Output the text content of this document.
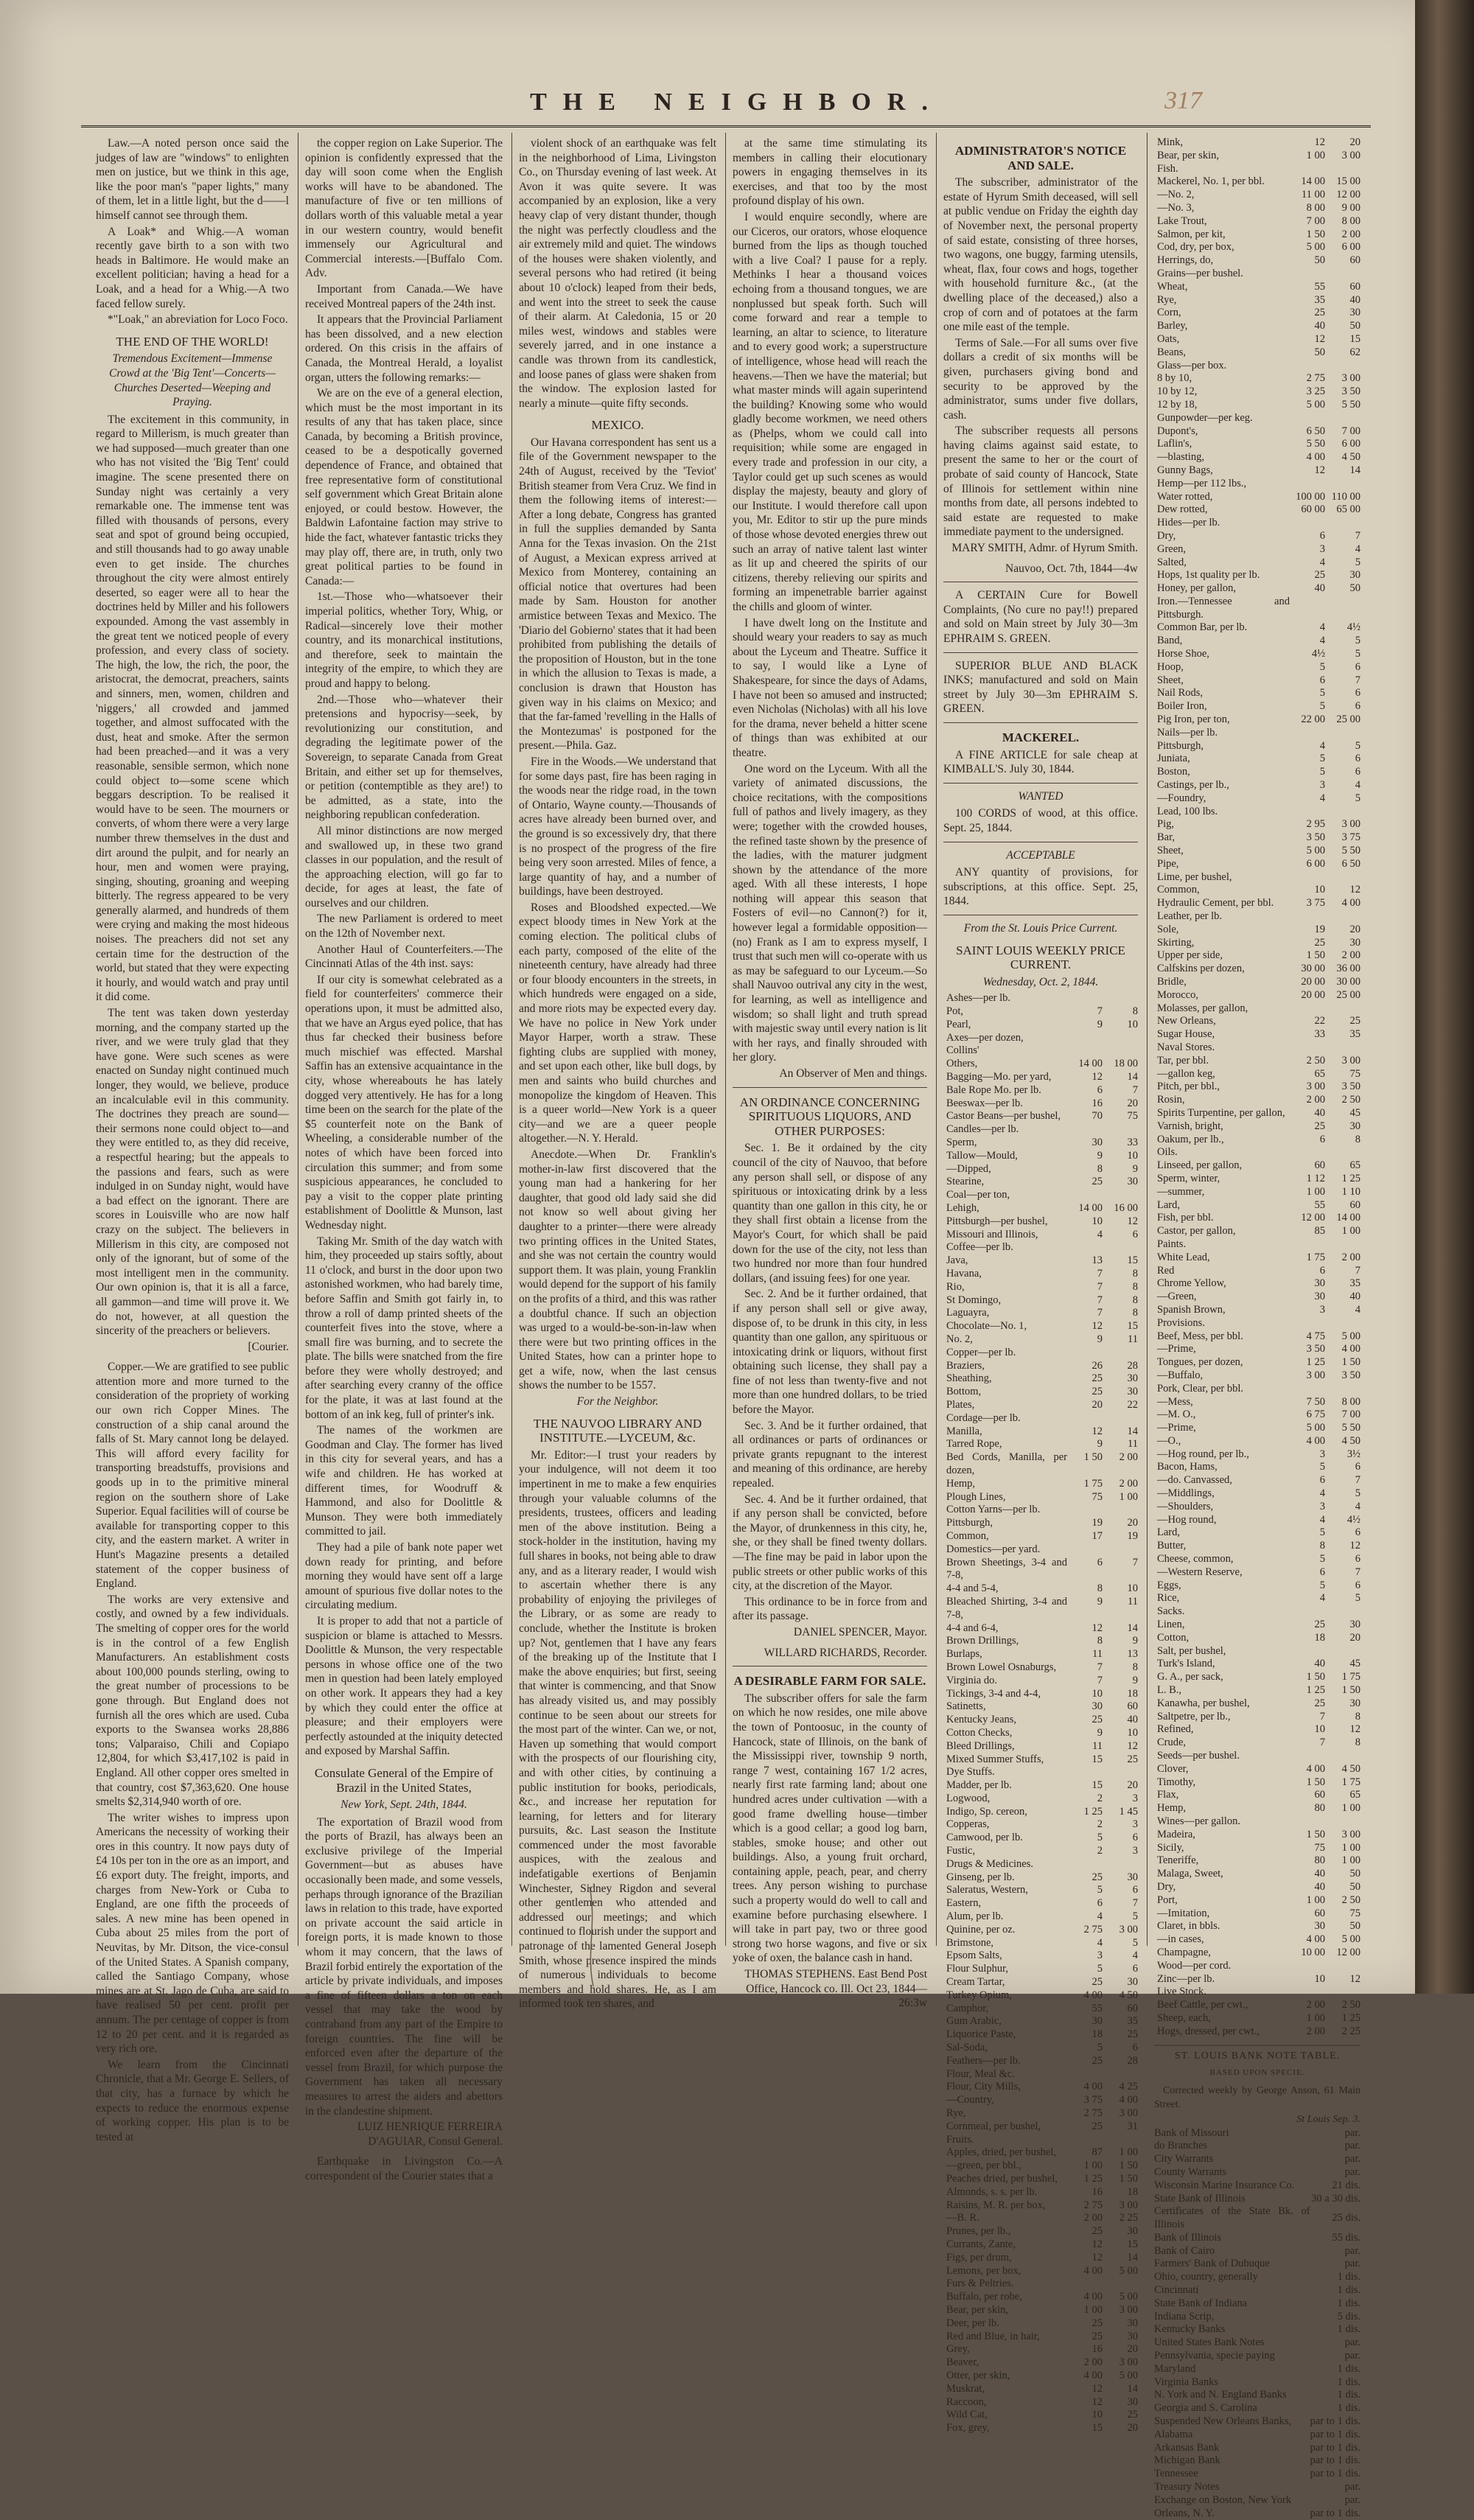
THE NEIGHBOR.	317

Law.—A noted person once said the judges of law are "windows" to enlighten men on justice, but we think in this age, like the poor man's "paper lights," many of them, let in a little light, but the d——l himself cannot see through them.

A Loak* and Whig.—A woman recently gave birth to a son with two heads in Baltimore. He would make an excellent politician; having a head for a Loak, and a head for a Whig.—A two faced fellow surely.

*"Loak," an abreviation for Loco Foco.

THE END OF THE WORLD!

Tremendous Excitement—Immense Crowd at the 'Big Tent'—Concerts—Churches Deserted—Weeping and Praying.

The excitement in this community, in regard to Millerism, is much greater than we had supposed—much greater than one who has not visited the 'Big Tent' could imagine. The scene presented there on Sunday night was certainly a very remarkable one. The immense tent was filled with thousands of persons, every seat and spot of ground being occupied, and still thousands had to go away unable even to get inside. The churches throughout the city were almost entirely deserted, so eager were all to hear the doctrines held by Miller and his followers expounded. Among the vast assembly in the great tent we noticed people of every profession, and every class of society. The high, the low, the rich, the poor, the aristocrat, the democrat, preachers, saints and sinners, men, women, children and 'niggers,' all crowded and jammed together, and almost suffocated with the dust, heat and smoke. After the sermon had been preached—and it was a very reasonable, sensible sermon, which none could object to—some scene which beggars description. To be realised it would have to be seen. The mourners or converts, of whom there were a very large number threw themselves in the dust and dirt around the pulpit, and for nearly an hour, men and women were praying, singing, shouting, groaning and weeping bitterly. The regress appeared to be very generally alarmed, and hundreds of them were crying and making the most hideous noises. The preachers did not set any certain time for the destruction of the world, but stated that they were expecting it hourly, and would watch and pray until it did come.

The tent was taken down yesterday morning, and the company started up the river, and we were truly glad that they have gone. Were such scenes as were enacted on Sunday night continued much longer, they would, we believe, produce an incalculable evil in this community. The doctrines they preach are sound—their sermons none could object to—and they were entitled to, as they did receive, a respectful hearing; but the appeals to the passions and fears, such as were indulged in on Sunday night, would have a bad effect on the ignorant. There are scores in Louisville who are now half crazy on the subject. The believers in Millerism in this city, are composed not only of the ignorant, but of some of the most intelligent men in the community. Our own opinion is, that it is all a farce, all gammon—and time will prove it. We do not, however, at all question the sincerity of the preachers or believers.

[Courier.

Copper.—We are gratified to see public attention more and more turned to the consideration of the propriety of working our own rich Copper Mines. The construction of a ship canal around the falls of St. Mary cannot long be delayed. This will afford every facility for transporting breadstuffs, provisions and goods up in to the primitive mineral region on the southern shore of Lake Superior. Equal facilities will of course be available for transporting copper to this city, and the eastern market. A writer in Hunt's Magazine presents a detailed statement of the copper business of England.

The works are very extensive and costly, and owned by a few individuals. The smelting of copper ores for the world is in the control of a few English Manufacturers. An establishment costs about 100,000 pounds sterling, owing to the great number of processions to be gone through. But England does not furnish all the ores which are used. Cuba exports to the Swansea works 28,886 tons; Valparaiso, Chili and Copiapo 12,804, for which $3,417,102 is paid in England. All other copper ores smelted in that country, cost $7,363,620. One house smelts $2,314,940 worth of ore.

The writer wishes to impress upon Americans the necessity of working their ores in this country. It now pays duty of £4 10s per ton in the ore as an import, and £6 export duty. The freight, imports, and charges from New-York or Cuba to England, are one fifth the proceeds of sales. A new mine has been opened in Cuba about 25 miles from the port of Neuvitas, by Mr. Ditson, the vice-consul of the United States. A Spanish company, called the Santiago Company, whose mines are at St. Jago de Cuba, are said to have realised 50 per cent. profit per annum. The per centage of copper is from 12 to 20 per cent. and it is regarded as very rich ore.

We learn from the Cincinnati Chronicle, that a Mr. George E. Sellers, of that city, has a furnace by which he expects to reduce the enormous expense of working copper. His plan is to be tested at

the copper region on Lake Superior. The opinion is confidently expressed that the day will soon come when the English works will have to be abandoned. The manufacture of five or ten millions of dollars worth of this valuable metal a year in our western country, would benefit immensely our Agricultural and Commercial interests.—[Buffalo Com. Adv.

Important from Canada.—We have received Montreal papers of the 24th inst.

It appears that the Provincial Parliament has been dissolved, and a new election ordered. On this crisis in the affairs of Canada, the Montreal Herald, a loyalist organ, utters the following remarks:—

We are on the eve of a general election, which must be the most important in its results of any that has taken place, since Canada, by becoming a British province, ceased to be a despotically governed dependence of France, and obtained that free representative form of constitutional self government which Great Britain alone enjoyed, or could bestow. However, the Baldwin Lafontaine faction may strive to hide the fact, whatever fantastic tricks they may play off, there are, in truth, only two great political parties to be found in Canada:—

1st.—Those who—whatsoever their imperial politics, whether Tory, Whig, or Radical—sincerely love their mother country, and its monarchical institutions, and therefore, seek to maintain the integrity of the empire, to which they are proud and happy to belong.

2nd.—Those who—whatever their pretensions and hypocrisy—seek, by revolutionizing our constitution, and degrading the legitimate power of the Sovereign, to separate Canada from Great Britain, and either set up for themselves, or petition (contemptible as they are!) to be admitted, as a state, into the neighboring republican confederation.

All minor distinctions are now merged and swallowed up, in these two grand classes in our population, and the result of the approaching election, will go far to decide, for ages at least, the fate of ourselves and our children.

The new Parliament is ordered to meet on the 12th of November next.

Another Haul of Counterfeiters.—The Cincinnati Atlas of the 4th inst. says:

If our city is somewhat celebrated as a field for counterfeiters' commerce their operations upon, it must be admitted also, that we have an Argus eyed police, that has thus far checked their business before much mischief was effected. Marshal Saffin has an extensive acquaintance in the city, whose whereabouts he has lately dogged very attentively. He has for a long time been on the search for the plate of the $5 counterfeit note on the Bank of Wheeling, a considerable number of the notes of which have been forced into circulation this summer; and from some suspicious appearances, he concluded to pay a visit to the copper plate printing establishment of Doolittle & Munson, last Wednesday night.

Taking Mr. Smith of the day watch with him, they proceeded up stairs softly, about 11 o'clock, and burst in the door upon two astonished workmen, who had barely time, before Saffin and Smith got fairly in, to throw a roll of damp printed sheets of the counterfeit fives into the stove, where a small fire was burning, and to secrete the plate. The bills were snatched from the fire before they were wholly destroyed; and after searching every cranny of the office for the plate, it was at last found at the bottom of an ink keg, full of printer's ink.

The names of the workmen are Goodman and Clay. The former has lived in this city for several years, and has a wife and children. He has worked at different times, for Woodruff & Hammond, and also for Doolittle & Munson. They were both immediately committed to jail.

They had a pile of bank note paper wet down ready for printing, and before morning they would have sent off a large amount of spurious five dollar notes to the circulating medium.

It is proper to add that not a particle of suspicion or blame is attached to Messrs. Doolittle & Munson, the very respectable persons in whose office one of the two men in question had been lately employed on other work. It appears they had a key by which they could enter the office at pleasure; and their employers were perfectly astounded at the iniquity detected and exposed by Marshal Saffin.

Consulate General of the Empire of Brazil in the United States,

New York, Sept. 24th, 1844.

The exportation of Brazil wood from the ports of Brazil, has always been an exclusive privilege of the Imperial Government—but as abuses have occasionally been made, and some vessels, perhaps through ignorance of the Brazilian laws in relation to this trade, have exported on private account the said article in foreign ports, it is made known to those whom it may concern, that the laws of Brazil forbid entirely the exportation of the article by private individuals, and imposes a fine of fifteen dollars a ton on each vessel that may take the wood by contraband from any part of the Empire to foreign countries. The fine will be enforced even after the departure of the vessel from Brazil, for which purpose the Government has taken all necessary measures to arrest the aiders and abettors in the clandestine shipment.

LUIZ HENRIQUE FERREIRA D'AGUIAR, Consul General.

Earthquake in Livingston Co.—A correspondent of the Courier states that a

violent shock of an earthquake was felt in the neighborhood of Lima, Livingston Co., on Thursday evening of last week. At Avon it was quite severe. It was accompanied by an explosion, like a very heavy clap of very distant thunder, though the night was perfectly cloudless and the air extremely mild and quiet. The windows of the houses were shaken violently, and several persons who had retired (it being about 10 o'clock) leaped from their beds, and went into the street to seek the cause of their alarm. At Caledonia, 15 or 20 miles west, windows and stables were severely jarred, and in one instance a candle was thrown from its candlestick, and loose panes of glass were shaken from the window. The explosion lasted for nearly a minute—quite fifty seconds.

MEXICO.

Our Havana correspondent has sent us a file of the Government newspaper to the 24th of August, received by the 'Teviot' British steamer from Vera Cruz. We find in them the following items of interest:—After a long debate, Congress has granted in full the supplies demanded by Santa Anna for the Texas invasion. On the 21st of August, a Mexican express arrived at Mexico from Monterey, containing an official notice that overtures had been made by Sam. Houston for another armistice between Texas and Mexico. The 'Diario del Gobierno' states that it had been prohibited from publishing the details of the proposition of Houston, but in the tone in which the allusion to Texas is made, a conclusion is drawn that Houston has given way in his claims on Mexico; and that the far-famed 'revelling in the Halls of the Montezumas' is postponed for the present.—Phila. Gaz.

Fire in the Woods.—We understand that for some days past, fire has been raging in the woods near the ridge road, in the town of Ontario, Wayne county.—Thousands of acres have already been burned over, and the ground is so excessively dry, that there is no prospect of the progress of the fire being very soon arrested. Miles of fence, a large quantity of hay, and a number of buildings, have been destroyed.

Roses and Bloodshed expected.—We expect bloody times in New York at the coming election. The political clubs of each party, composed of the elite of the nineteenth century, have already had three or four bloody encounters in the streets, in which hundreds were engaged on a side, and more riots may be expected every day. We have no police in New York under Mayor Harper, worth a straw. These fighting clubs are supplied with money, and set upon each other, like bull dogs, by men and saints who build churches and monopolize the kingdom of Heaven. This is a queer world—New York is a queer city—and we are a queer people altogether.—N. Y. Herald.

Anecdote.—When Dr. Franklin's mother-in-law first discovered that the young man had a hankering for her daughter, that good old lady said she did not know so well about giving her daughter to a printer—there were already two printing offices in the United States, and she was not certain the country would support them. It was plain, young Franklin would depend for the support of his family on the profits of a third, and this was rather a doubtful chance. If such an objection was urged to a would-be-son-in-law when there were but two printing offices in the United States, how can a printer hope to get a wife, now, when the last census shows the number to be 1557.

For the Neighbor.

THE NAUVOO LIBRARY AND INSTITUTE.—LYCEUM, &c.

Mr. Editor:—I trust your readers by your indulgence, will not deem it too impertinent in me to make a few enquiries through your valuable columns of the presidents, trustees, officers and leading men of the above institution. Being a stock-holder in the institution, having my full shares in books, not being able to draw any, and as a literary reader, I would wish to ascertain whether there is any probability of enjoying the privileges of the Library, or as some are ready to conclude, whether the Institute is broken up? Not, gentlemen that I have any fears of the breaking up of the Institute that I make the above enquiries; but first, seeing that winter is commencing, and that Snow has already visited us, and may possibly continue to be seen about our streets for the most part of the winter. Can we, or not, Haven up something that would comport with the prospects of our flourishing city, and with other cities, by continuing a public institution for books, periodicals, &c., and increase her reputation for learning, for letters and for literary pursuits, &c. Last season the Institute commenced under the most favorable auspices, with the zealous and indefatigable exertions of Benjamin Winchester, Sidney Rigdon and several other gentlemen who attended and addressed our meetings; and which continued to flourish under the support and patronage of the lamented General Joseph Smith, whose presence inspired the minds of numerous individuals to become members and hold shares. He, as I am informed took ten shares, and

at the same time stimulating its members in calling their elocutionary powers in engaging themselves in its exercises, and that too by the most profound display of his own.

I would enquire secondly, where are our Ciceros, our orators, whose eloquence burned from the lips as though touched with a live Coal? I pause for a reply. Methinks I hear a thousand voices echoing from a thousand tongues, we are nonplussed but speak forth. Such will come forward and rear a temple to learning, an altar to science, to literature and to every good work; a superstructure of intelligence, whose head will reach the heavens.—Then we have the material; but what master minds will again superintend the building? Knowing some who would gladly become workmen, we need others as (Phelps, whom we could call into requisition; while some are engaged in every trade and profession in our city, a Taylor could get up such scenes as would display the majesty, beauty and glory of our Institute. I would therefore call upon you, Mr. Editor to stir up the pure minds of those whose devoted energies threw out such an array of native talent last winter as lit up and cheered the spirits of our citizens, thereby relieving our spirits and forming an impenetrable barrier against the chills and gloom of winter.

I have dwelt long on the Institute and should weary your readers to say as much about the Lyceum and Theatre. Suffice it to say, I would like a Lyne of Shakespeare, for since the days of Adams, I have not been so amused and instructed; even Nicholas (Nicholas) with all his love for the drama, never beheld a hitter scene of things than was exhibited at our theatre.

One word on the Lyceum. With all the variety of animated discussions, the choice recitations, with the compositions full of pathos and lively imagery, as they were; together with the crowded houses, the refined taste shown by the presence of the ladies, with the maturer judgment shown by the attendance of the more aged. With all these interests, I hope nothing will appear this season that Fosters of evil—no Cannon(?) for it, however legal a formidable opposition—(no) Frank as I am to express myself, I trust that such men will co-operate with us as may be safeguard to our Lyceum.—So shall Nauvoo outrival any city in the west, for learning, as well as intelligence and wisdom; so shall light and truth spread with majestic sway until every nation is lit with her rays, and finally shrouded with her glory.

An Observer of Men and things.

AN ORDINANCE CONCERNING SPIRITUOUS LIQUORS, AND OTHER PURPOSES:

Sec. 1. Be it ordained by the city council of the city of Nauvoo, that before any person shall sell, or dispose of any spirituous or intoxicating drink by a less quantity than one gallon in this city, he or they shall first obtain a license from the Mayor's Court, for which shall be paid down for the use of the city, not less than two hundred nor more than four hundred dollars, (and issuing fees) for one year.

Sec. 2. And be it further ordained, that if any person shall sell or give away, dispose of, to be drunk in this city, in less quantity than one gallon, any spirituous or intoxicating drink or liquors, without first obtaining such license, they shall pay a fine of not less than twenty-five and not more than one hundred dollars, to be tried before the Mayor.

Sec. 3. And be it further ordained, that all ordinances or parts of ordinances or private grants repugnant to the interest and meaning of this ordinance, are hereby repealed.

Sec. 4. And be it further ordained, that if any person shall be convicted, before the Mayor, of drunkenness in this city, he, she, or they shall be fined twenty dollars.—The fine may be paid in labor upon the public streets or other public works of this city, at the discretion of the Mayor.

This ordinance to be in force from and after its passage.

DANIEL SPENCER, Mayor.

WILLARD RICHARDS, Recorder.

A DESIRABLE FARM FOR SALE.

The subscriber offers for sale the farm on which he now resides, one mile above the town of Pontoosuc, in the county of Hancock, state of Illinois, on the bank of the Mississippi river, township 9 north, range 7 west, containing 167 1/2 acres, nearly first rate farming land; about one hundred acres under cultivation —with a good frame dwelling house—timber which is a good cellar; a good log barn, stables, smoke house; and other out buildings. Also, a young fruit orchard, containing apple, peach, pear, and cherry trees. Any person wishing to purchase such a property would do well to call and examine before purchasing elsewhere. I will take in part pay, two or three good strong two horse wagons, and five or six yoke of oxen, the balance cash in hand.

THOMAS STEPHENS. East Bend Post Office, Hancock co. Ill. Oct 23, 1844—26:3w

ADMINISTRATOR'S NOTICE AND SALE.

The subscriber, administrator of the estate of Hyrum Smith deceased, will sell at public vendue on Friday the eighth day of November next, the personal property of said estate, consisting of three horses, two wagons, one buggy, farming utensils, wheat, flax, four cows and hogs, together with household furniture &c., (at the dwelling place of the deceased,) also a crop of corn and of potatoes at the farm one mile east of the temple.

Terms of Sale.—For all sums over five dollars a credit of six months will be given, purchasers giving bond and security to be approved by the administrator, sums under five dollars, cash.

The subscriber requests all persons having claims against said estate, to present the same to her or the court of probate of said county of Hancock, State of Illinois for settlement within nine months from date, all persons indebted to said estate are requested to make immediate payment to the undersigned.

MARY SMITH, Admr. of Hyrum Smith.

Nauvoo, Oct. 7th, 1844—4w

A CERTAIN Cure for Bowell Complaints, (No cure no pay!!) prepared and sold on Main street by July 30—3m EPHRAIM S. GREEN.

SUPERIOR BLUE AND BLACK INKS; manufactured and sold on Main street by July 30—3m EPHRAIM S. GREEN.

MACKEREL.

A FINE ARTICLE for sale cheap at KIMBALL'S. July 30, 1844.

WANTED

100 CORDS of wood, at this office. Sept. 25, 1844.

ACCEPTABLE

ANY quantity of provisions, for subscriptions, at this office. Sept. 25, 1844.

From the St. Louis Price Current.

SAINT LOUIS WEEKLY PRICE CURRENT.

Wednesday, Oct. 2, 1844.

Ashes—per lb.		
Pot,	7	8
Pearl,	9	10
Axes—per dozen,		
Collins'		
Others,	14 00	18 00
Bagging—Mo. per yard,	12	14
Bale Rope Mo. per lb.	6	7
Beeswax—per lb.	16	20
Castor Beans—per bushel,	70	75
Candles—per lb.		
Sperm,	30	33
Tallow—Mould,	9	10
—Dipped,	8	9
Stearine,	25	30
Coal—per ton,		
Lehigh,	14 00	16 00
Pittsburgh—per bushel,	10	12
Missouri and Illinois,	4	6
Coffee—per lb.		
Java,	13	15
Havana,	7	8
Rio,	7	8
St Domingo,	7	8
Laguayra,	7	8
Chocolate—No. 1,	12	15
No. 2,	9	11
Copper—per lb.		
Braziers,	26	28
Sheathing,	25	30
Bottom,	25	30
Plates,	20	22
Cordage—per lb.		
Manilla,	12	14
Tarred Rope,	9	11
Bed Cords, Manilla, per dozen,	1 50	2 00
Hemp,	1 75	2 00
Plough Lines,	75	1 00
Cotton Yarns—per lb.		
Pittsburgh,	19	20
Common,	17	19
Domestics—per yard.		
Brown Sheetings, 3-4 and 7-8,	6	7
4-4 and 5-4,	8	10
Bleached Shirting, 3-4 and 7-8,	9	11
4-4 and 6-4,	12	14
Brown Drillings,	8	9
Burlaps,	11	13
Brown Lowel Osnaburgs,	7	8
Virginia do.	7	9
Tickings, 3-4 and 4-4,	10	18
Satinetts,	30	60
Kentucky Jeans,	25	40
Cotton Checks,	9	10
Bleed Drillings,	11	12
Mixed Summer Stuffs,	15	25
Dye Stuffs.		
Madder, per lb.	15	20
Logwood,	2	3
Indigo, Sp. cereon,	1 25	1 45
Copperas,	2	3
Camwood, per lb.	5	6
Fustic,	2	3
Drugs & Medicines.		
Ginseng, per lb.	25	30
Saleratus, Western,	5	6
Eastern,	6	7
Alum, per lb.	4	5
Quinine, per oz.	2 75	3 00
Brimstone,	4	5
Epsom Salts,	3	4
Flour Sulphur,	5	6
Cream Tartar,	25	30
Turkey Opium,	4 00	4 50
Camphor,	55	60
Gum Arabic,	30	35
Liquorice Paste,	18	25
Sal-Soda,	5	6
Feathers—per lb.	25	28
Flour, Meal &c.		
Flour, City Mills,	4 00	4 25
—Country,	3 75	4 00
Rye,	2 75	3 00
Cornmeal, per bushel,	25	31
Fruits.		
Apples, dried, per bushel,	87	1 00
—green, per bbl.,	1 00	1 50
Peaches dried, per bushel,	1 25	1 50
Almonds, s. s. per lb.	16	18
Raisins, M. R. per box,	2 75	3 00
—B. R.	2 00	2 25
Prunes, per lb.,	25	30
Currants, Zante,	12	15
Figs, per drum,	12	14
Lemons, per box,	4 00	5 00
Furs & Peltries.		
Buffalo, per robe,	4 00	5 00
Bear, per skin,	1 00	3 00
Deer, per lb.	25	30
Red and Blue, in hair,	25	30
Grey,	16	20
Beaver,	2 00	3 00
Otter, per skin,	4 00	5 00
Muskrat,	12	14
Raccoon,	12	30
Wild Cat,	10	25
Fox, grey,	15	20
Mink,	12	20
Bear, per skin,	1 00	3 00
Fish.		
Mackerel, No. 1, per bbl.	14 00	15 00
—No. 2,	11 00	12 00
—No. 3,	8 00	9 00
Lake Trout,	7 00	8 00
Salmon, per kit,	1 50	2 00
Cod, dry, per box,	5 00	6 00
Herrings, do,	50	60
Grains—per bushel.		
Wheat,	55	60
Rye,	35	40
Corn,	25	30
Barley,	40	50
Oats,	12	15
Beans,	50	62
Glass—per box.		
8 by 10,	2 75	3 00
10 by 12,	3 25	3 50
12 by 18,	5 00	5 50
Gunpowder—per keg.		
Dupont's,	6 50	7 00
Laflin's,	5 50	6 00
—blasting,	4 00	4 50
Gunny Bags,	12	14
Hemp—per 112 lbs.,		
Water rotted,	100 00	110 00
Dew rotted,	60 00	65 00
Hides—per lb.		
Dry,	6	7
Green,	3	4
Salted,	4	5
Hops, 1st quality per lb.	25	30
Honey, per gallon,	40	50
Iron.—Tennessee and Pittsburgh.		
Common Bar, per lb.	4	4½
Band,	4	5
Horse Shoe,	4½	5
Hoop,	5	6
Sheet,	6	7
Nail Rods,	5	6
Boiler Iron,	5	6
Pig Iron, per ton,	22 00	25 00
Nails—per lb.		
Pittsburgh,	4	5
Juniata,	5	6
Boston,	5	6
Castings, per lb.,	3	4
—Foundry,	4	5
Lead, 100 lbs.		
Pig,	2 95	3 00
Bar,	3 50	3 75
Sheet,	5 00	5 50
Pipe,	6 00	6 50
Lime, per bushel,		
Common,	10	12
Hydraulic Cement, per bbl.	3 75	4 00
Leather, per lb.		
Sole,	19	20
Skirting,	25	30
Upper per side,	1 50	2 00
Calfskins per dozen,	30 00	36 00
Bridle,	20 00	30 00
Morocco,	20 00	25 00
Molasses, per gallon,		
New Orleans,	22	25
Sugar House,	33	35
Naval Stores.		
Tar, per bbl.	2 50	3 00
—gallon keg,	65	75
Pitch, per bbl.,	3 00	3 50
Rosin,	2 00	2 50
Spirits Turpentine, per gallon,	40	45
Varnish, bright,	25	30
Oakum, per lb.,	6	8
Oils.		
Linseed, per gallon,	60	65
Sperm, winter,	1 12	1 25
—summer,	1 00	1 10
Lard,	55	60
Fish, per bbl.	12 00	14 00
Castor, per gallon,	85	1 00
Paints.		
White Lead,	1 75	2 00
Red	6	7
Chrome Yellow,	30	35
—Green,	30	40
Spanish Brown,	3	4
Provisions.		
Beef, Mess, per bbl.	4 75	5 00
—Prime,	3 50	4 00
Tongues, per dozen,	1 25	1 50
—Buffalo,	3 00	3 50
Pork, Clear, per bbl.		
—Mess,	7 50	8 00
—M. O.,	6 75	7 00
—Prime,	5 00	5 50
—O.,	4 00	4 50
—Hog round, per lb.,	3	3½
Bacon, Hams,	5	6
—do. Canvassed,	6	7
—Middlings,	4	5
—Shoulders,	3	4
—Hog round,	4	4½
Lard,	5	6
Butter,	8	12
Cheese, common,	5	6
—Western Reserve,	6	7
Eggs,	5	6
Rice,	4	5
Sacks.		
Linen,	25	30
Cotton,	18	20
Salt, per bushel,		
Turk's Island,	40	45
G. A., per sack,	1 50	1 75
L. B.,	1 25	1 50
Kanawha, per bushel,	25	30
Saltpetre, per lb.,	7	8
Refined,	10	12
Crude,	7	8
Seeds—per bushel.		
Clover,	4 00	4 50
Timothy,	1 50	1 75
Flax,	60	65
Hemp,	80	1 00
Wines—per gallon.		
Madeira,	1 50	3 00
Sicily,	75	1 00
Teneriffe,	80	1 00
Malaga, Sweet,	40	50
Dry,	40	50
Port,	1 00	2 50
—Imitation,	60	75
Claret, in bbls.	30	50
—in cases,	4 00	5 00
Champagne,	10 00	12 00
Wood—per cord.		
Zinc—per lb.	10	12
Live Stock.		
Beef Cattle, per cwt.,	2 00	2 50
Sheep, each,	1 00	1 25
Hogs, dressed, per cwt.,	2 00	2 25
ST. LOUIS BANK NOTE TABLE.
BASED UPON SPECIE.
Corrected weekly by George Anson, 61 Main Street.
St Louis Sep. 3.
Bank of Missouri	par.
do Branches	par.
City Warrants	par.
County Warrants	par.
Wisconsin Marine Insurance Co.	21 dis.
State Bank of Illinois	30 a 30 dis.
Certificates of the State Bk. of Illinois	25 dis.
Bank of Illinois	55 dis.
Bank of Cairo	par.
Farmers' Bank of Dubuque	par.
Ohio, country, generally	1 dis.
Cincinnati	1 dis.
State Bank of Indiana	1 dis.
Indiana Scrip,	5 dis.
Kentucky Banks	1 dis.
United States Bank Notes	par.
Pennsylvania, specie paying	par.
Maryland	1 dis.
Virginia Banks	1 dis.
N. York and N. England Banks	1 dis.
Georgia and S. Carolina	1 dis.
Suspended New Orleans Banks,	par to 1 dis.
Alabama	par to 1 dis.
Arkansas Bank	par to 1 dis.
Michigan Bank	par to 1 dis.
Tennessee	par to 1 dis.
Treasury Notes	par.
Exchange on Boston, New York	par.
Orleans, N. Y.	par to 1 dis.
